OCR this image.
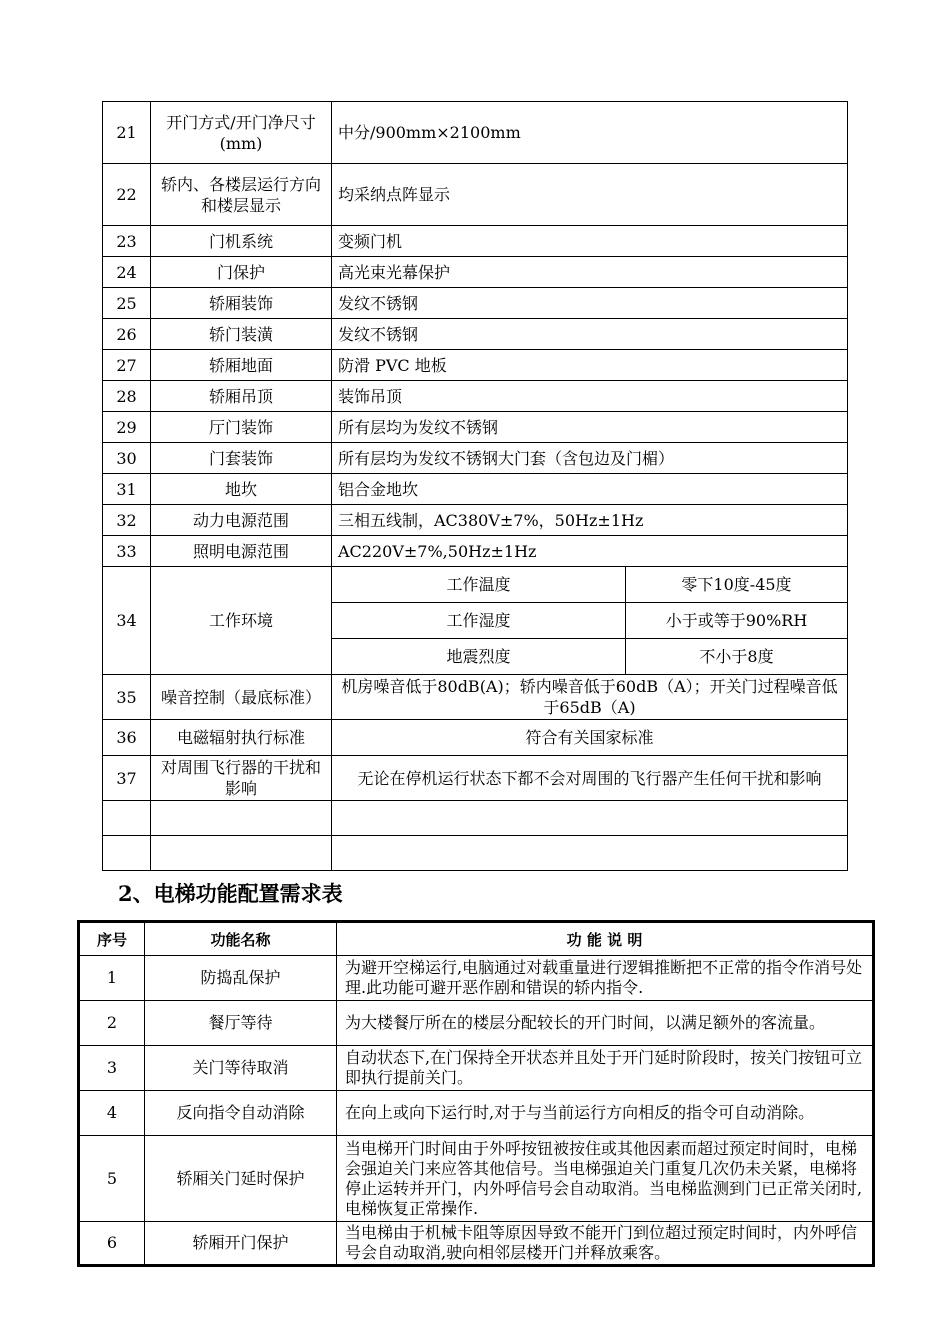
21	开门方式/开门净尺寸(mm)	中分/900mm×2100mm	
22	轿内、各楼层运行方向和楼层显示	均采纳点阵显示	
23	门机系统	变频门机	
24	门保护	高光束光幕保护	
25	轿厢装饰	发纹不锈钢	
26	轿门装潢	发纹不锈钢	
27	轿厢地面	防滑 PVC 地板	
28	轿厢吊顶	装饰吊顶	
29	厅门装饰	所有层均为发纹不锈钢	
30	门套装饰	所有层均为发纹不锈钢大门套（含包边及门楣）	
31	地坎	铝合金地坎	
32	动力电源范围	三相五线制，AC380V±7%，50Hz±1Hz	
33	照明电源范围	AC220V±7%,50Hz±1Hz	
34	工作环境	工作温度	零下10度-45度
		工作湿度	小于或等于90%RH
		地震烈度	不小于8度
35	噪音控制（最底标准）	机房噪音低于80dB(A)；轿内噪音低于60dB（A）；开关门过程噪音低于65dB（A)	
36	电磁辐射执行标准	符合有关国家标准	
37	对周围飞行器的干扰和影响	无论在停机运行状态下都不会对周围的飞行器产生任何干扰和影响	

2、电梯功能配置需求表
序号	功能名称	功 能 说 明
1	防捣乱保护	为避开空梯运行,电脑通过对载重量进行逻辑推断把不正常的指令作消号处理.此功能可避开恶作剧和错误的轿内指令.
2	餐厅等待	为大楼餐厅所在的楼层分配较长的开门时间，以满足额外的客流量。
3	关门等待取消	自动状态下,在门保持全开状态并且处于开门延时阶段时，按关门按钮可立即执行提前关门。
4	反向指令自动消除	在向上或向下运行时,对于与当前运行方向相反的指令可自动消除。
5	轿厢关门延时保护	当电梯开门时间由于外呼按钮被按住或其他因素而超过预定时间时，电梯会强迫关门来应答其他信号。当电梯强迫关门重复几次仍未关紧，电梯将停止运转并开门，内外呼信号会自动取消。当电梯监测到门已正常关闭时,电梯恢复正常操作.
6	轿厢开门保护	当电梯由于机械卡阻等原因导致不能开门到位超过预定时间时，内外呼信号会自动取消,驶向相邻层楼开门并释放乘客。
